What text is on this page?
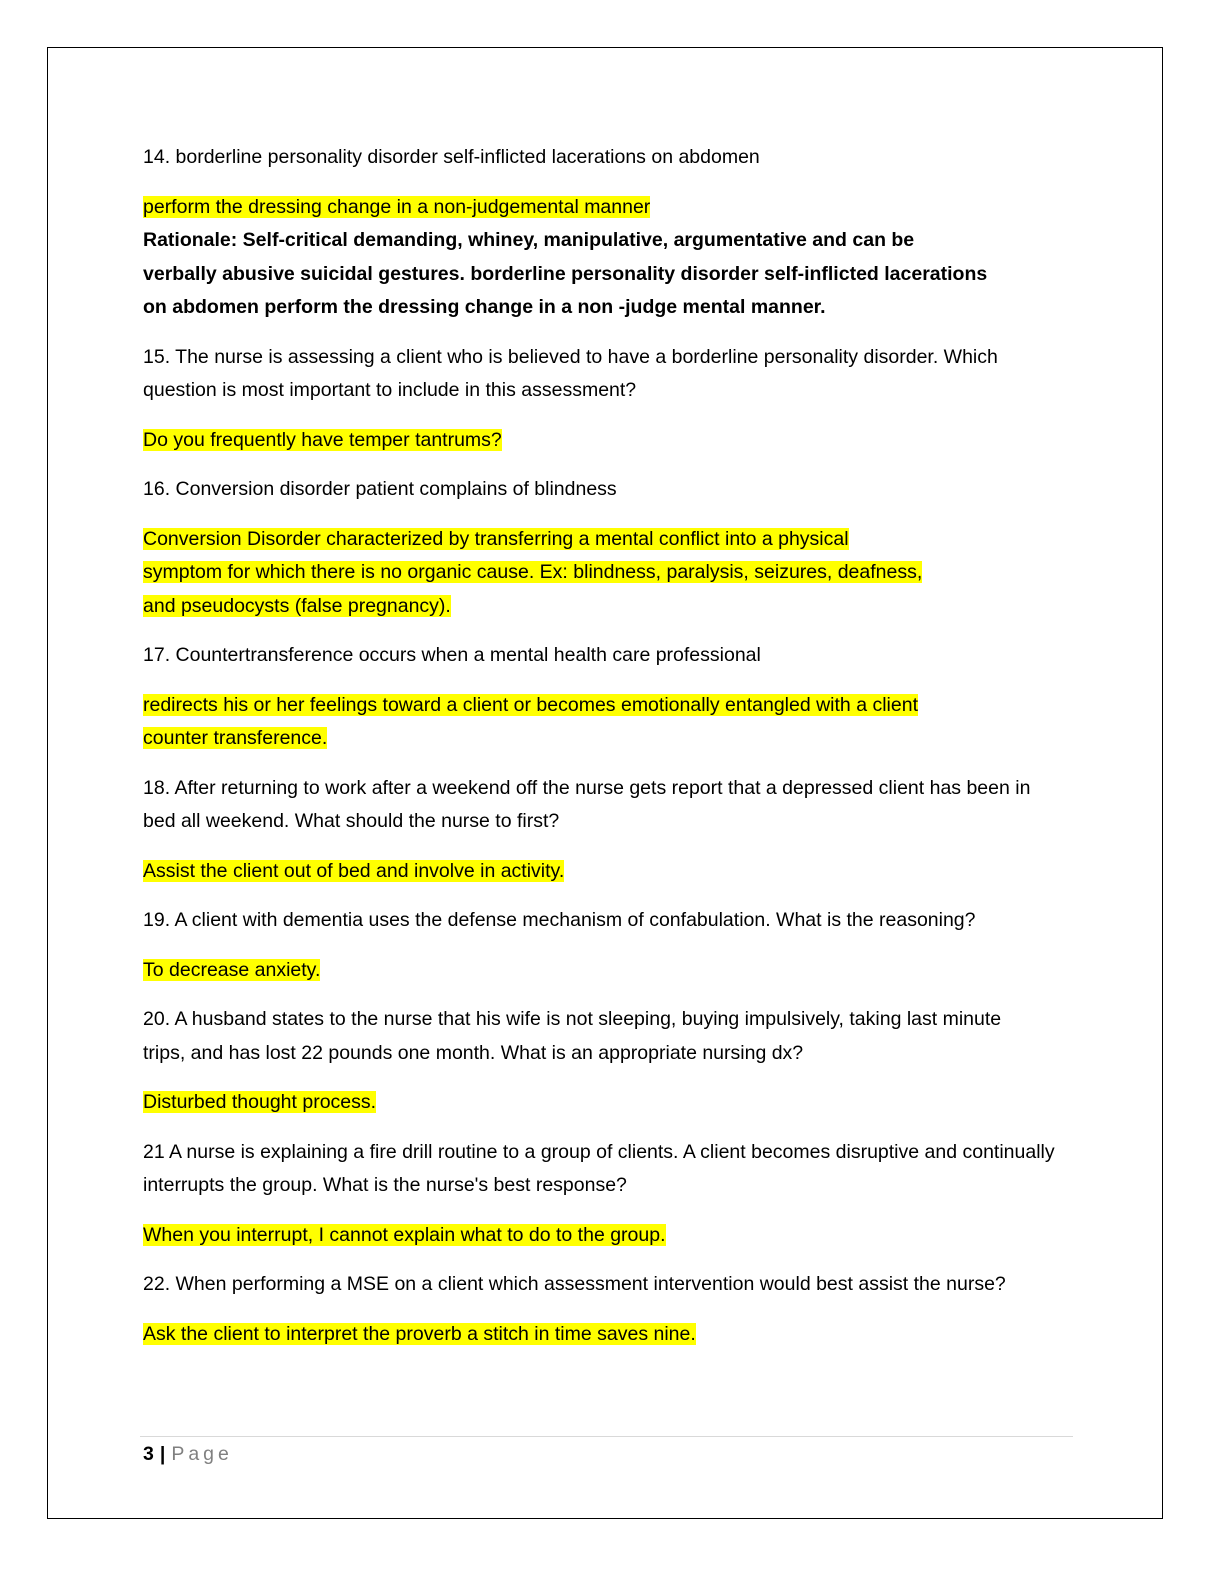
14. borderline personality disorder self-inflicted lacerations on abdomen

perform the dressing change in a non-judgemental manner

Rationale: Self-critical demanding, whiney, manipulative, argumentative and can be verbally abusive suicidal gestures. borderline personality disorder self-inflicted lacerations on abdomen perform the dressing change in a non -judge mental manner.

15. The nurse is assessing a client who is believed to have a borderline personality disorder. Which question is most important to include in this assessment?

Do you frequently have temper tantrums?

16. Conversion disorder patient complains of blindness

Conversion Disorder characterized by transferring a mental conflict into a physical symptom for which there is no organic cause. Ex: blindness, paralysis, seizures, deafness, and pseudocysts (false pregnancy).

17. Countertransference occurs when a mental health care professional

redirects his or her feelings toward a client or becomes emotionally entangled with a client counter transference.

18. After returning to work after a weekend off the nurse gets report that a depressed client has been in bed all weekend. What should the nurse to first?

Assist the client out of bed and involve in activity.

19. A client with dementia uses the defense mechanism of confabulation. What is the reasoning?

To decrease anxiety.

20. A husband states to the nurse that his wife is not sleeping, buying impulsively, taking last minute trips, and has lost 22 pounds one month. What is an appropriate nursing dx?

Disturbed thought process.

21 A nurse is explaining a fire drill routine to a group of clients. A client becomes disruptive and continually interrupts the group. What is the nurse's best response?

When you interrupt, I cannot explain what to do to the group.

22. When performing a MSE on a client which assessment intervention would best assist the nurse?

Ask the client to interpret the proverb a stitch in time saves nine.

3 | Page
